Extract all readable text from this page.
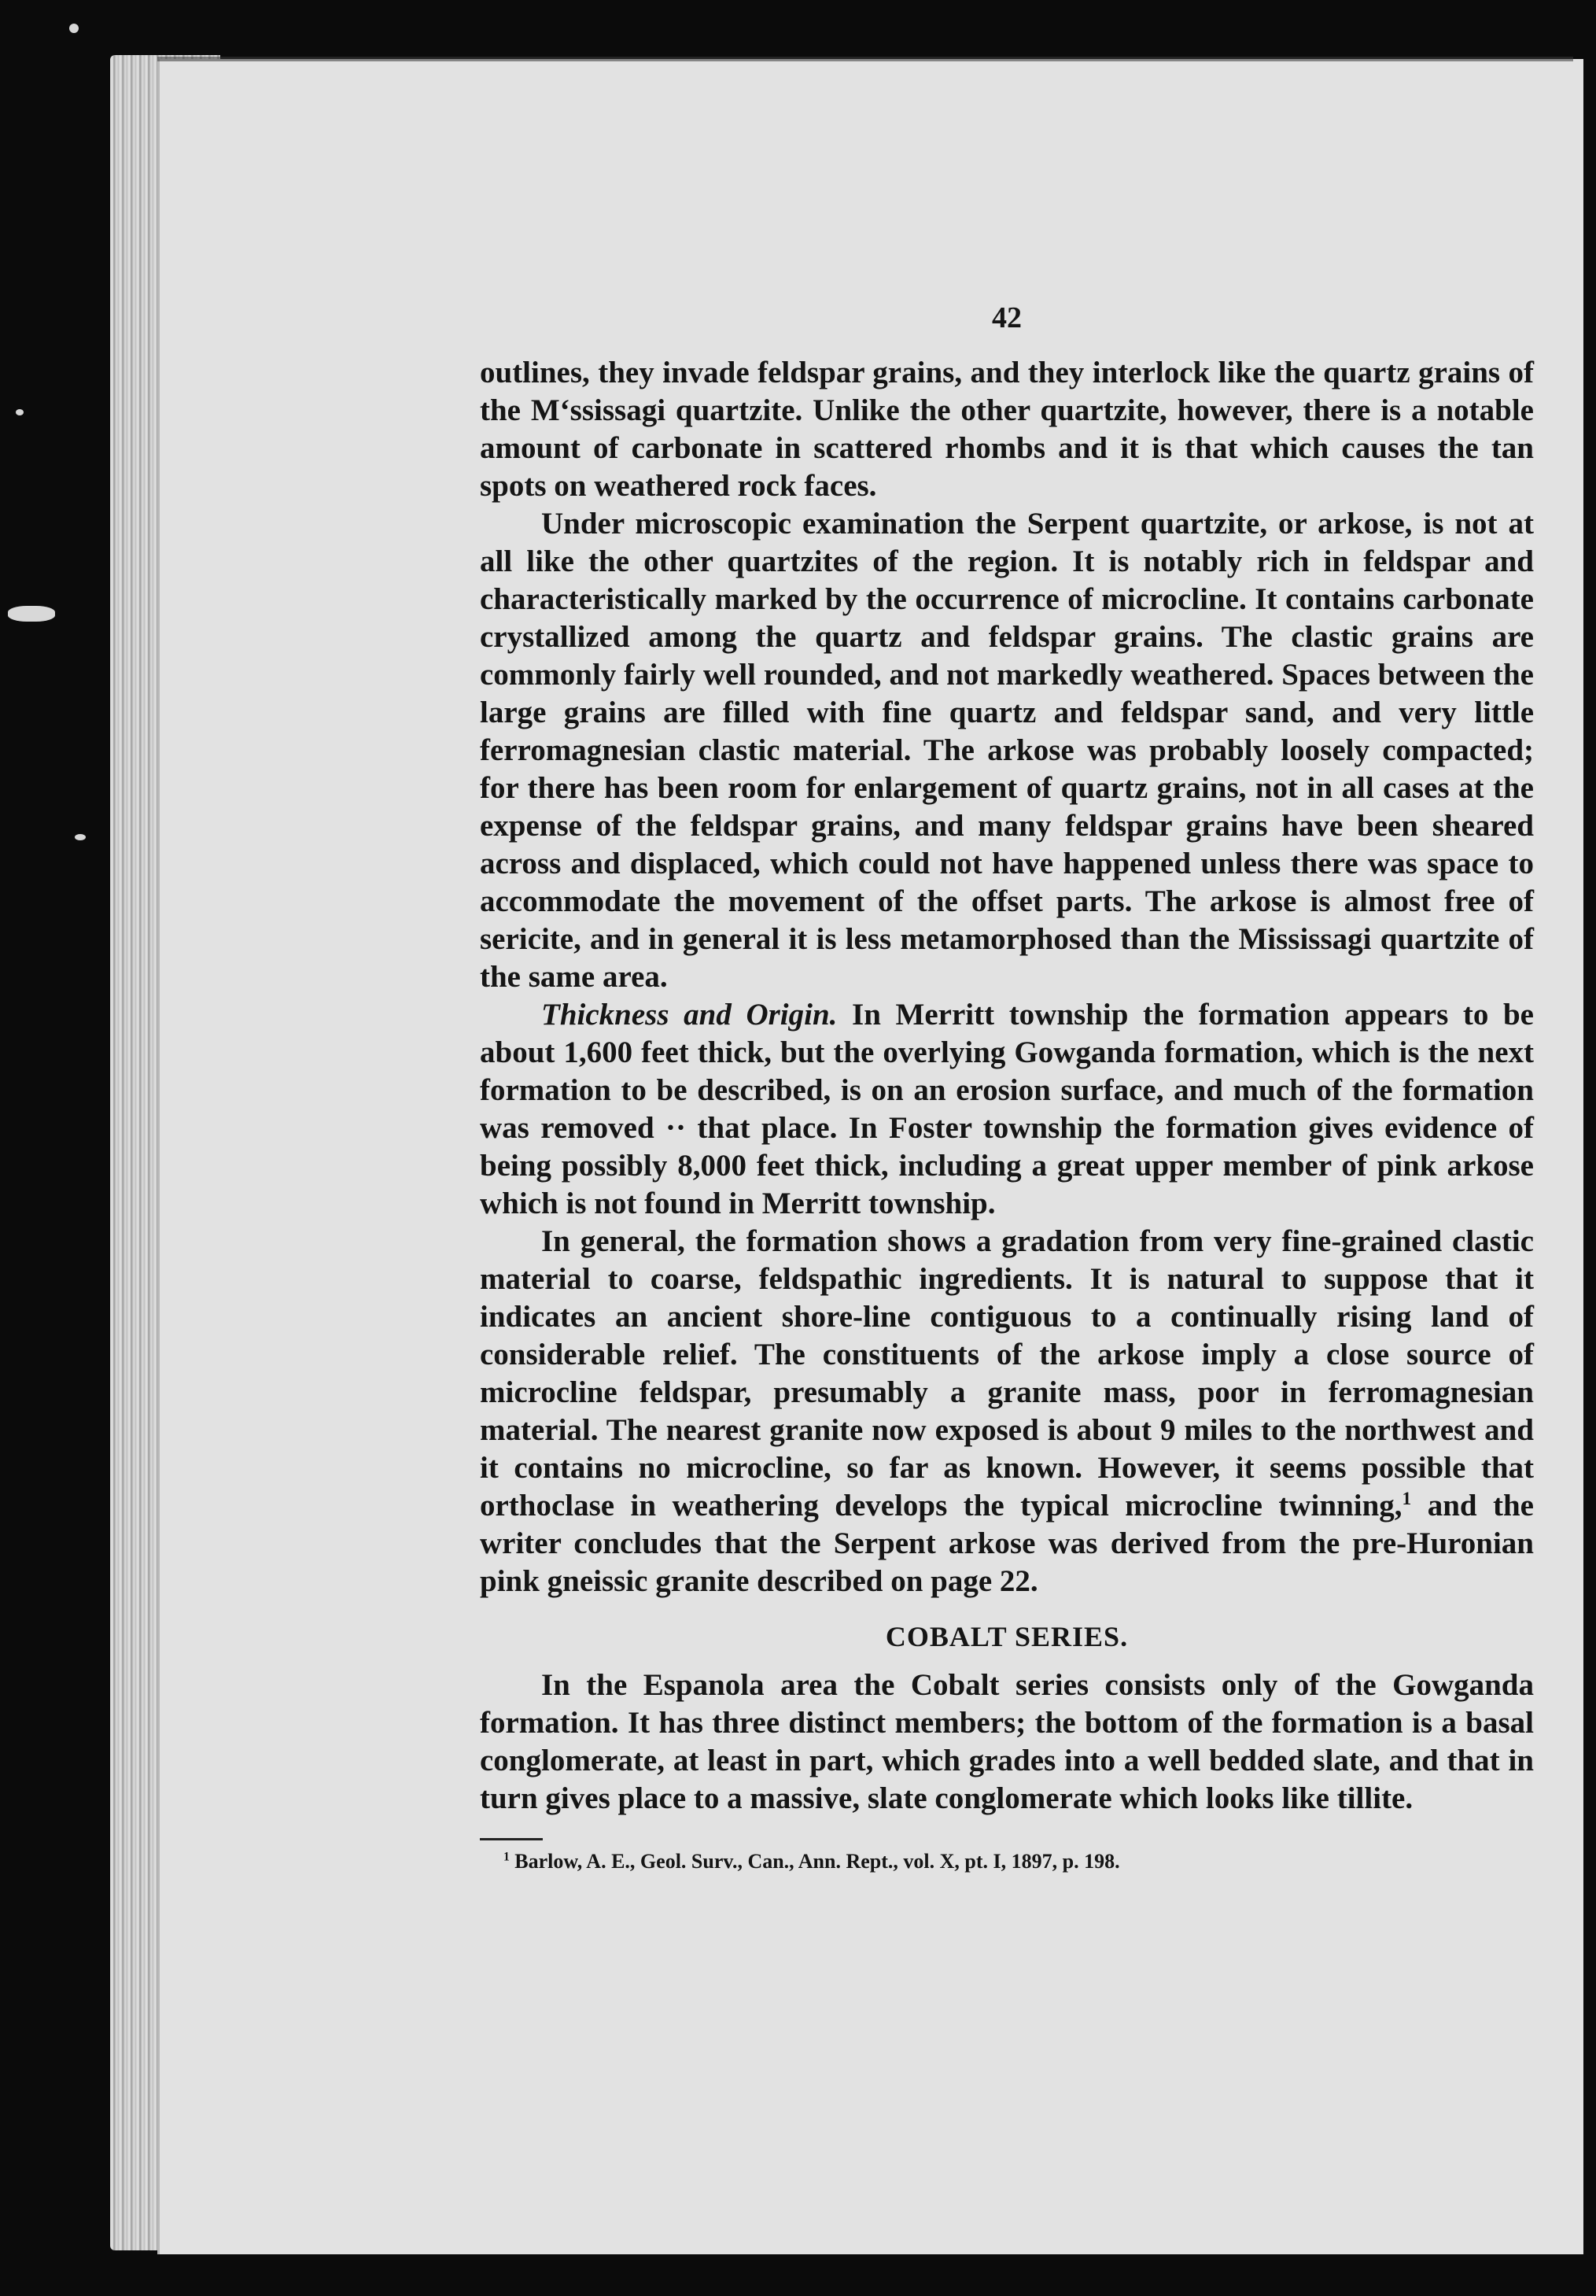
42

outlines, they invade feldspar grains, and they interlock like the quartz grains of the M‘ssissagi quartzite. Unlike the other quartzite, however, there is a notable amount of carbonate in scattered rhombs and it is that which causes the tan spots on weathered rock faces.

Under microscopic examination the Serpent quartzite, or arkose, is not at all like the other quartzites of the region. It is notably rich in feldspar and characteristically marked by the occurrence of microcline. It contains carbonate crystallized among the quartz and feldspar grains. The clastic grains are commonly fairly well rounded, and not markedly weathered. Spaces between the large grains are filled with fine quartz and feldspar sand, and very little ferromagnesian clastic material. The arkose was probably loosely compacted; for there has been room for enlargement of quartz grains, not in all cases at the expense of the feldspar grains, and many feldspar grains have been sheared across and displaced, which could not have happened unless there was space to accommodate the movement of the offset parts. The arkose is almost free of sericite, and in general it is less metamorphosed than the Mississagi quartzite of the same area.

Thickness and Origin. In Merritt township the formation appears to be about 1,600 feet thick, but the overlying Gowganda formation, which is the next formation to be described, is on an erosion surface, and much of the formation was removed ·· that place. In Foster township the formation gives evidence of being possibly 8,000 feet thick, including a great upper member of pink arkose which is not found in Merritt township.

In general, the formation shows a gradation from very fine-grained clastic material to coarse, feldspathic ingredients. It is natural to suppose that it indicates an ancient shore-line contiguous to a continually rising land of considerable relief. The constituents of the arkose imply a close source of microcline feldspar, presumably a granite mass, poor in ferromagnesian material. The nearest granite now exposed is about 9 miles to the northwest and it contains no microcline, so far as known. However, it seems possible that orthoclase in weathering develops the typical microcline twinning,$^1$ and the writer concludes that the Serpent arkose was derived from the pre-Huronian pink gneissic granite described on page 22.

COBALT SERIES.

In the Espanola area the Cobalt series consists only of the Gowganda formation. It has three distinct members; the bottom of the formation is a basal conglomerate, at least in part, which grades into a well bedded slate, and that in turn gives place to a massive, slate conglomerate which looks like tillite.

$^1$ Barlow, A. E., Geol. Surv., Can., Ann. Rept., vol. X, pt. I, 1897, p. 198.
